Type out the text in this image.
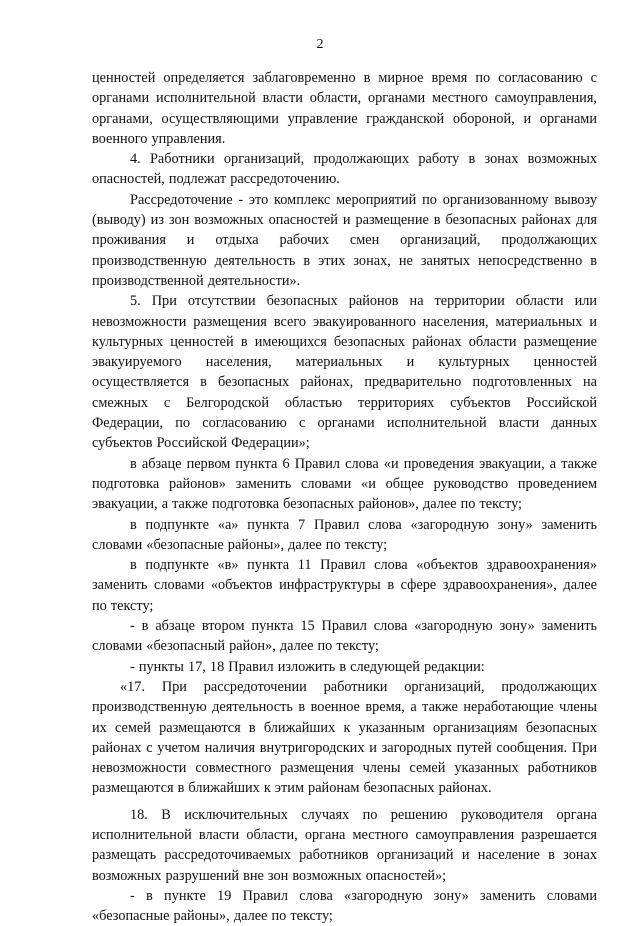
2

ценностей определяется заблаговременно в мирное время по согласованию с органами исполнительной власти области, органами местного самоуправления, органами, осуществляющими управление гражданской обороной, и органами военного управления.

4. Работники организаций, продолжающих работу в зонах возможных опасностей, подлежат рассредоточению.

Рассредоточение - это комплекс мероприятий по организованному вывозу (выводу) из зон возможных опасностей и размещение в безопасных районах для проживания и отдыха рабочих смен организаций, продолжающих производственную деятельность в этих зонах, не занятых непосредственно в производственной деятельности».

5. При отсутствии безопасных районов на территории области или невозможности размещения всего эвакуированного населения, материальных и культурных ценностей в имеющихся безопасных районах области размещение эвакуируемого населения, материальных и культурных ценностей осуществляется в безопасных районах, предварительно подготовленных на смежных с Белгородской областью территориях субъектов Российской Федерации, по согласованию с органами исполнительной власти данных субъектов Российской Федерации»;

в абзаце первом пункта 6 Правил слова «и проведения эвакуации, а также подготовка районов» заменить словами «и общее руководство проведением эвакуации, а также подготовка безопасных районов», далее по тексту;

в подпункте «а» пункта 7 Правил слова «загородную зону» заменить словами «безопасные районы», далее по тексту;

в подпункте «в» пункта 11 Правил слова «объектов здравоохранения» заменить словами «объектов инфраструктуры в сфере здравоохранения», далее по тексту;

- в абзаце втором пункта 15 Правил слова «загородную зону» заменить словами «безопасный район», далее по тексту;

- пункты 17, 18 Правил изложить в следующей редакции:

«17. При рассредоточении работники организаций, продолжающих производственную деятельность в военное время, а также неработающие члены их семей размещаются в ближайших к указанным организациям безопасных районах с учетом наличия внутригородских и загородных путей сообщения. При невозможности совместного размещения члены семей указанных работников размещаются в ближайших к этим районам безопасных районах.

18. В исключительных случаях по решению руководителя органа исполнительной власти области, органа местного самоуправления разрешается размещать рассредоточиваемых работников организаций и население в зонах возможных разрушений вне зон возможных опасностей»;

- в пункте 19 Правил слова «загородную зону» заменить словами «безопасные районы», далее по тексту;
